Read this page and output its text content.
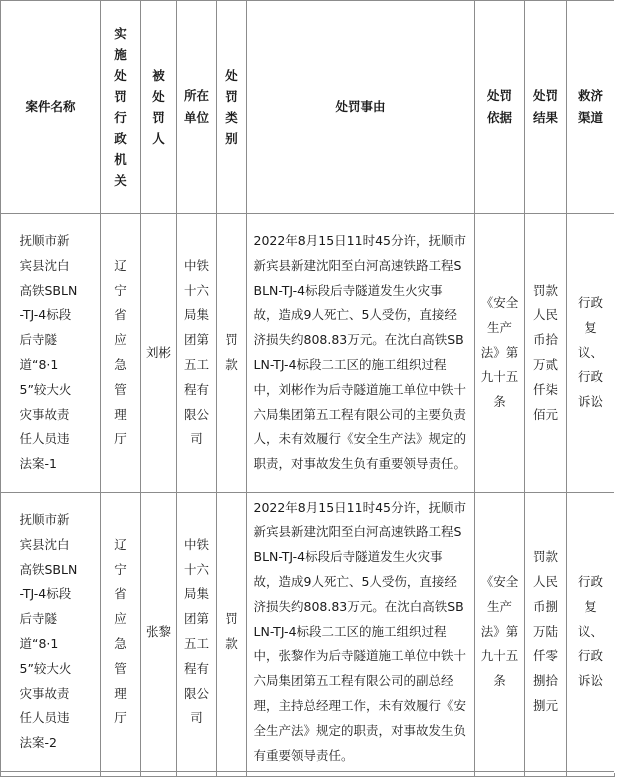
案件名称	实施处罚行政机关	被处罚人	所在单位	处罚类别	处罚事由	处罚依据	处罚结果	救济渠道

抚顺市新宾县沈白高铁SBLN-TJ-4标段后寺隧道“8·15”较大火灾事故责任人员违法案-1	辽宁省应急管理厅	刘彬	中铁十六局集团第五工程有限公司	罚款	2022年8月15日11时45分许，抚顺市新宾县新建沈阳至白河高速铁路工程SBLN-TJ-4标段后寺隧道发生火灾事故，造成9人死亡、5人受伤，直接经济损失约808.83万元。在沈白高铁SBLN-TJ-4标段二工区的施工组织过程中，刘彬作为后寺隧道施工单位中铁十六局集团第五工程有限公司的主要负责人，未有效履行《安全生产法》规定的职责，对事故发生负有重要领导责任。	《安全生产法》第九十五条	罚款人民币拾万贰仟柒佰元	行政复议、行政诉讼

抚顺市新宾县沈白高铁SBLN-TJ-4标段后寺隧道“8·15”较大火灾事故责任人员违法案-2	辽宁省应急管理厅	张黎	中铁十六局集团第五工程有限公司	罚款	2022年8月15日11时45分许，抚顺市新宾县新建沈阳至白河高速铁路工程SBLN-TJ-4标段后寺隧道发生火灾事故，造成9人死亡、5人受伤，直接经济损失约808.83万元。在沈白高铁SBLN-TJ-4标段二工区的施工组织过程中，张黎作为后寺隧道施工单位中铁十六局集团第五工程有限公司的副总经理，主持总经理工作，未有效履行《安全生产法》规定的职责，对事故发生负有重要领导责任。	《安全生产法》第九十五条	罚款人民币捌万陆仟零捌拾捌元	行政复议、行政诉讼
